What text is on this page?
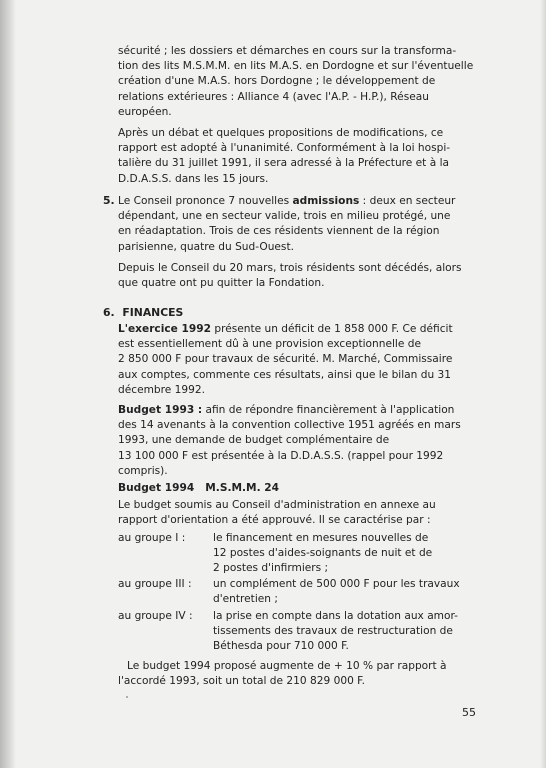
sécurité ; les dossiers et démarches en cours sur la transforma-
tion des lits M.S.M.M. en lits M.A.S. en Dordogne et sur l'éventuelle
création d'une M.A.S. hors Dordogne ; le développement de
relations extérieures : Alliance 4 (avec l'A.P. - H.P.), Réseau
européen.
Après un débat et quelques propositions de modifications, ce
rapport est adopté à l'unanimité. Conformément à la loi hospi-
talière du 31 juillet 1991, il sera adressé à la Préfecture et à la
D.D.A.S.S. dans les 15 jours.
5. Le Conseil prononce 7 nouvelles admissions : deux en secteur
dépendant, une en secteur valide, trois en milieu protégé, une
en réadaptation. Trois de ces résidents viennent de la région
parisienne, quatre du Sud-Ouest.
Depuis le Conseil du 20 mars, trois résidents sont décédés, alors
que quatre ont pu quitter la Fondation.
6. FINANCES
L'exercice 1992 présente un déficit de 1 858 000 F. Ce déficit
est essentiellement dû à une provision exceptionnelle de
2 850 000 F pour travaux de sécurité. M. Marché, Commissaire
aux comptes, commente ces résultats, ainsi que le bilan du 31
décembre 1992.
Budget 1993 : afin de répondre financièrement à l'application
des 14 avenants à la convention collective 1951 agréés en mars
1993, une demande de budget complémentaire de
13 100 000 F est présentée à la D.D.A.S.S. (rappel pour 1992
compris).
Budget 1994   M.S.M.M. 24
Le budget soumis au Conseil d'administration en annexe au
rapport d'orientation a été approuvé. Il se caractérise par :
au groupe I :	le financement en mesures nouvelles de
12 postes d'aides-soignants de nuit et de
2 postes d'infirmiers ;
au groupe III :	un complément de 500 000 F pour les travaux
d'entretien ;
au groupe IV :	la prise en compte dans la dotation aux amor-
tissements des travaux de restructuration de
Béthesda pour 710 000 F.
Le budget 1994 proposé augmente de + 10 % par rapport à
l'accordé 1993, soit un total de 210 829 000 F.
55
